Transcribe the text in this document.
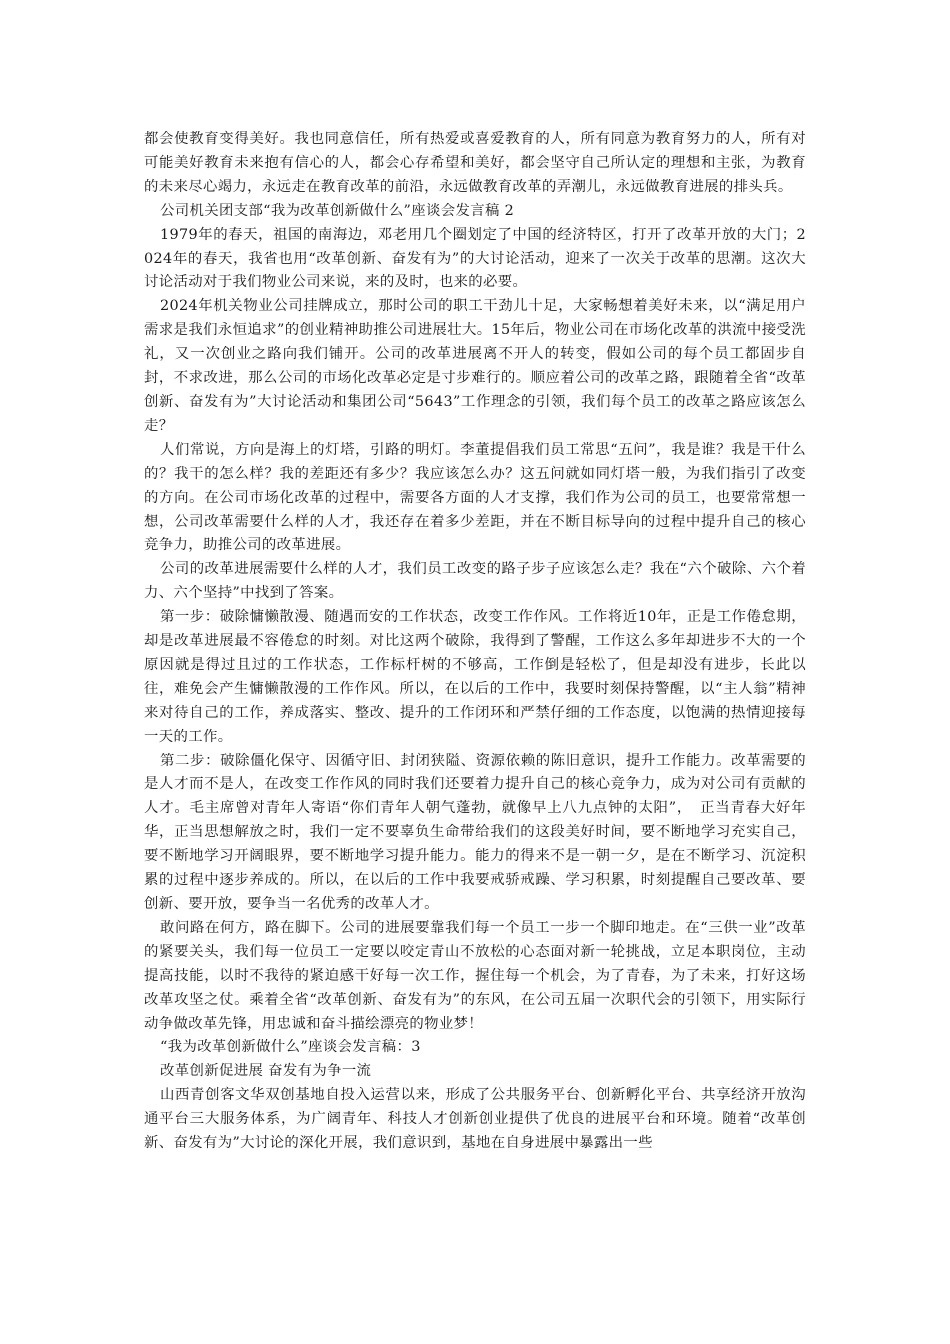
都会使教育变得美好。我也同意信任，所有热爱或喜爱教育的人，所有同意为教育努力的人，所有对可能美好教育未来抱有信心的人，都会心存希望和美好，都会坚守自己所认定的理想和主张，为教育的未来尽心竭力，永远走在教育改革的前沿，永远做教育改革的弄潮儿，永远做教育进展的排头兵。

公司机关团支部“我为改革创新做什么”座谈会发言稿 2

1979年的春天，祖国的南海边，邓老用几个圈划定了中国的经济特区，打开了改革开放的大门；2024年的春天，我省也用“改革创新、奋发有为”的大讨论活动，迎来了一次关于改革的思潮。这次大讨论活动对于我们物业公司来说，来的及时，也来的必要。

2024年机关物业公司挂牌成立，那时公司的职工干劲儿十足，大家畅想着美好未来，以“满足用户需求是我们永恒追求”的创业精神助推公司进展壮大。15年后，物业公司在市场化改革的洪流中接受洗礼，又一次创业之路向我们铺开。公司的改革进展离不开人的转变，假如公司的每个员工都固步自封，不求改进，那么公司的市场化改革必定是寸步难行的。顺应着公司的改革之路，跟随着全省“改革创新、奋发有为”大讨论活动和集团公司“5643”工作理念的引领，我们每个员工的改革之路应该怎么走？

人们常说，方向是海上的灯塔，引路的明灯。李董提倡我们员工常思“五问”，我是谁？我是干什么的？我干的怎么样？我的差距还有多少？我应该怎么办？这五问就如同灯塔一般，为我们指引了改变的方向。在公司市场化改革的过程中，需要各方面的人才支撑，我们作为公司的员工，也要常常想一想，公司改革需要什么样的人才，我还存在着多少差距，并在不断目标导向的过程中提升自己的核心竞争力，助推公司的改革进展。

公司的改革进展需要什么样的人才，我们员工改变的路子步子应该怎么走？我在“六个破除、六个着力、六个坚持”中找到了答案。

第一步：破除慵懒散漫、随遇而安的工作状态，改变工作作风。工作将近10年，正是工作倦怠期，却是改革进展最不容倦怠的时刻。对比这两个破除，我得到了警醒，工作这么多年却进步不大的一个原因就是得过且过的工作状态，工作标杆树的不够高，工作倒是轻松了，但是却没有进步，长此以往，难免会产生慵懒散漫的工作作风。所以，在以后的工作中，我要时刻保持警醒，以“主人翁”精神来对待自己的工作，养成落实、整改、提升的工作闭环和严禁仔细的工作态度，以饱满的热情迎接每一天的工作。

第二步：破除僵化保守、因循守旧、封闭狭隘、资源依赖的陈旧意识，提升工作能力。改革需要的是人才而不是人，在改变工作作风的同时我们还要着力提升自己的核心竞争力，成为对公司有贡献的人才。毛主席曾对青年人寄语“你们青年人朝气蓬勃，就像早上八九点钟的太阳”，　正当青春大好年华，正当思想解放之时，我们一定不要辜负生命带给我们的这段美好时间，要不断地学习充实自己，要不断地学习开阔眼界，要不断地学习提升能力。能力的得来不是一朝一夕，是在不断学习、沉淀积累的过程中逐步养成的。所以，在以后的工作中我要戒骄戒躁、学习积累，时刻提醒自己要改革、要创新、要开放，要争当一名优秀的改革人才。

敢问路在何方，路在脚下。公司的进展要靠我们每一个员工一步一个脚印地走。在“三供一业”改革的紧要关头，我们每一位员工一定要以咬定青山不放松的心态面对新一轮挑战，立足本职岗位，主动提高技能，以时不我待的紧迫感干好每一次工作，握住每一个机会，为了青春，为了未来，打好这场改革攻坚之仗。乘着全省“改革创新、奋发有为”的东风，在公司五届一次职代会的引领下，用实际行动争做改革先锋，用忠诚和奋斗描绘漂亮的物业梦！

“我为改革创新做什么”座谈会发言稿：3

改革创新促进展 奋发有为争一流

山西青创客文华双创基地自投入运营以来，形成了公共服务平台、创新孵化平台、共享经济开放沟通平台三大服务体系，为广阔青年、科技人才创新创业提供了优良的进展平台和环境。随着“改革创新、奋发有为”大讨论的深化开展，我们意识到，基地在自身进展中暴露出一些
